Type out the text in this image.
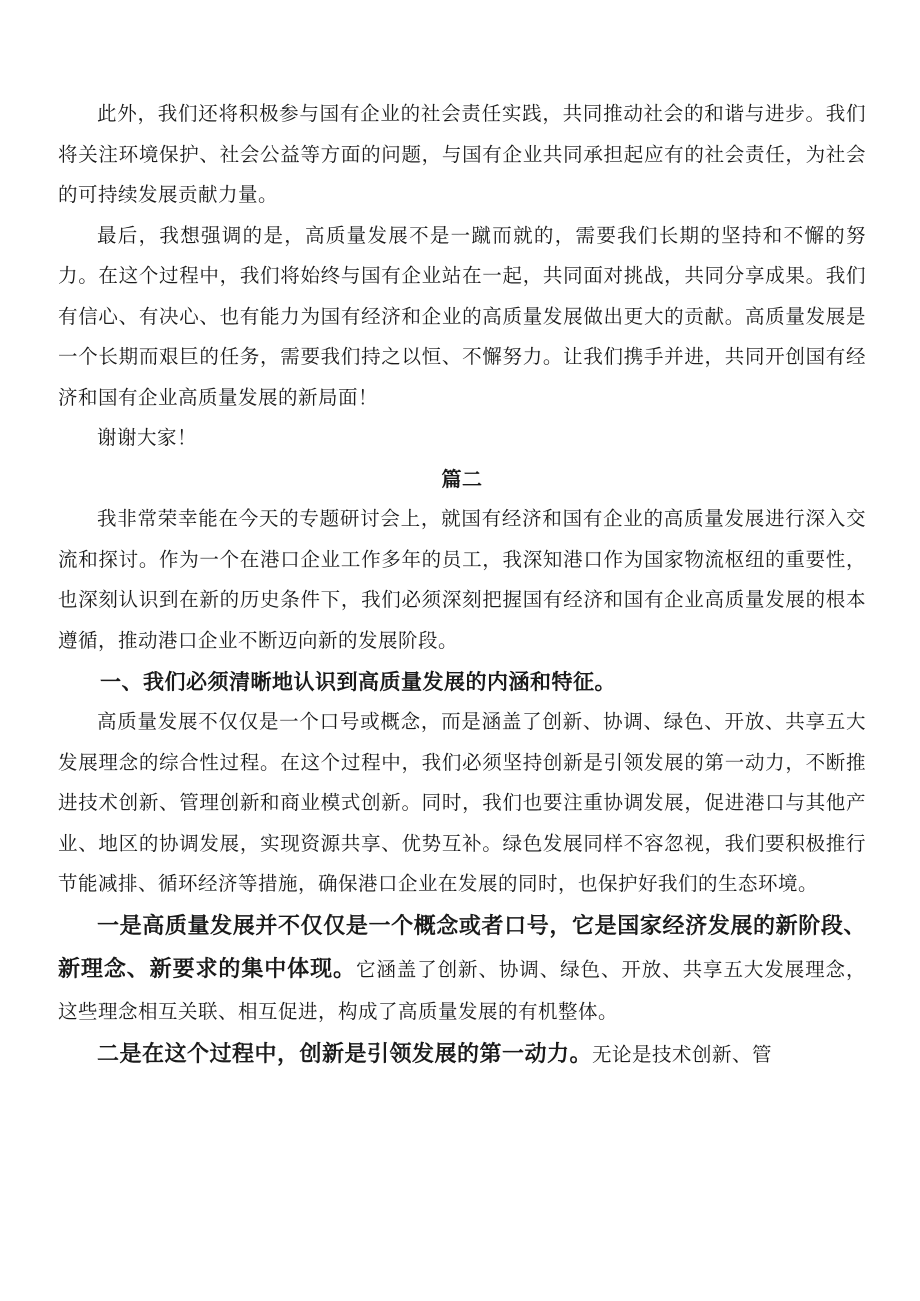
此外，我们还将积极参与国有企业的社会责任实践，共同推动社会的和谐与进步。我们将关注环境保护、社会公益等方面的问题，与国有企业共同承担起应有的社会责任，为社会的可持续发展贡献力量。

最后，我想强调的是，高质量发展不是一蹴而就的，需要我们长期的坚持和不懈的努力。在这个过程中，我们将始终与国有企业站在一起，共同面对挑战，共同分享成果。我们有信心、有决心、也有能力为国有经济和企业的高质量发展做出更大的贡献。高质量发展是一个长期而艰巨的任务，需要我们持之以恒、不懈努力。让我们携手并进，共同开创国有经济和国有企业高质量发展的新局面！

谢谢大家！

篇二

我非常荣幸能在今天的专题研讨会上，就国有经济和国有企业的高质量发展进行深入交流和探讨。作为一个在港口企业工作多年的员工，我深知港口作为国家物流枢纽的重要性，也深刻认识到在新的历史条件下，我们必须深刻把握国有经济和国有企业高质量发展的根本遵循，推动港口企业不断迈向新的发展阶段。

一、我们必须清晰地认识到高质量发展的内涵和特征。

高质量发展不仅仅是一个口号或概念，而是涵盖了创新、协调、绿色、开放、共享五大发展理念的综合性过程。在这个过程中，我们必须坚持创新是引领发展的第一动力，不断推进技术创新、管理创新和商业模式创新。同时，我们也要注重协调发展，促进港口与其他产业、地区的协调发展，实现资源共享、优势互补。绿色发展同样不容忽视，我们要积极推行节能减排、循环经济等措施，确保港口企业在发展的同时，也保护好我们的生态环境。

一是高质量发展并不仅仅是一个概念或者口号，它是国家经济发展的新阶段、新理念、新要求的集中体现。它涵盖了创新、协调、绿色、开放、共享五大发展理念，这些理念相互关联、相互促进，构成了高质量发展的有机整体。

二是在这个过程中，创新是引领发展的第一动力。无论是技术创新、管
